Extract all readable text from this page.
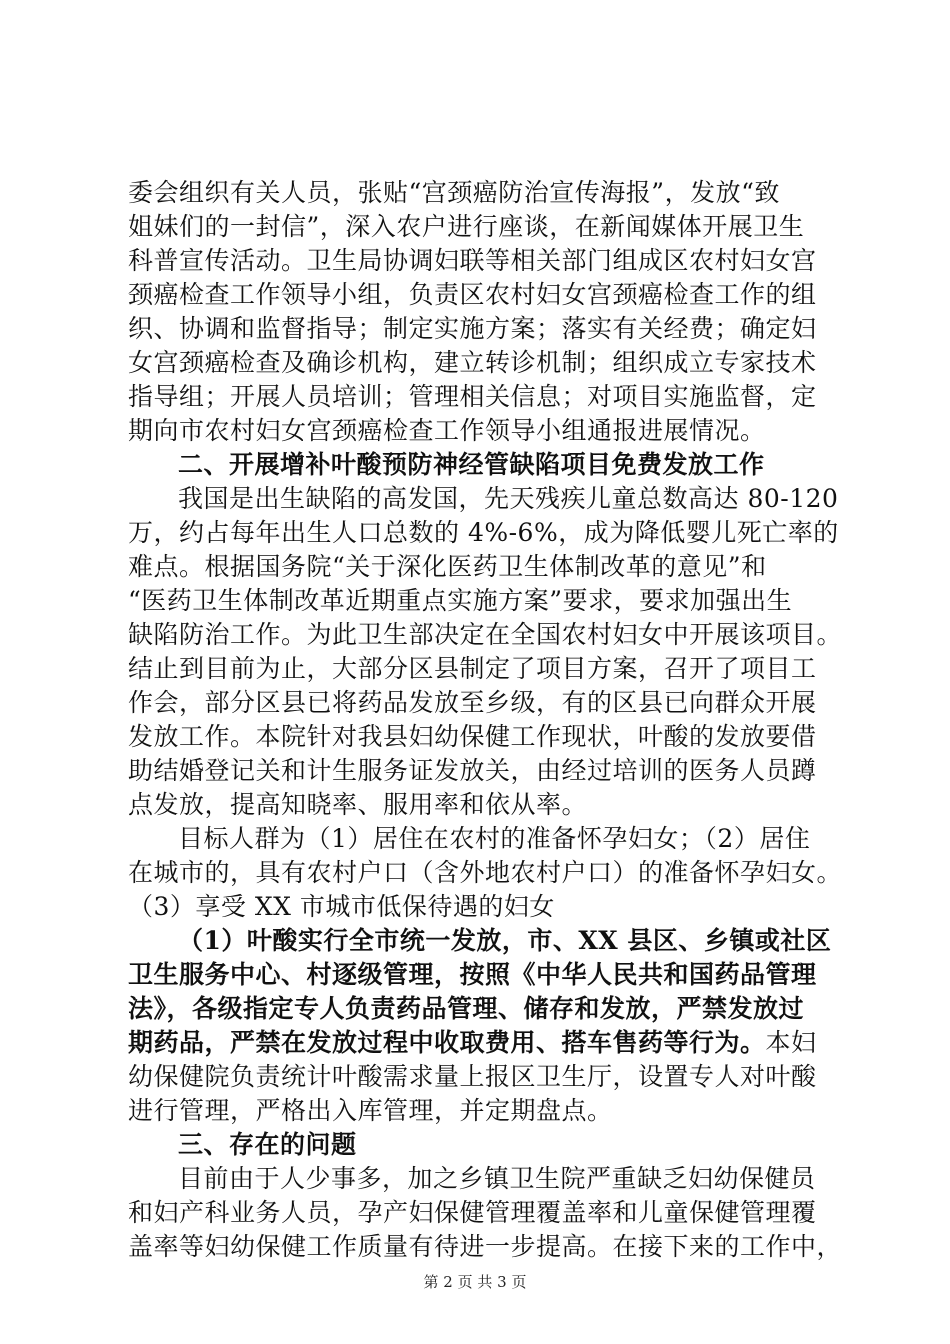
委会组织有关人员，张贴“宫颈癌防治宣传海报”，发放“致
姐妹们的一封信”，深入农户进行座谈，在新闻媒体开展卫生
科普宣传活动。卫生局协调妇联等相关部门组成区农村妇女宫
颈癌检查工作领导小组，负责区农村妇女宫颈癌检查工作的组
织、协调和监督指导；制定实施方案；落实有关经费；确定妇
女宫颈癌检查及确诊机构，建立转诊机制；组织成立专家技术
指导组；开展人员培训；管理相关信息；对项目实施监督，定
期向市农村妇女宫颈癌检查工作领导小组通报进展情况。
二、开展增补叶酸预防神经管缺陷项目免费发放工作
我国是出生缺陷的高发国，先天残疾儿童总数高达 80-120
万，约占每年出生人口总数的 4%-6%，成为降低婴儿死亡率的
难点。根据国务院“关于深化医药卫生体制改革的意见”和
“医药卫生体制改革近期重点实施方案”要求，要求加强出生
缺陷防治工作。为此卫生部决定在全国农村妇女中开展该项目。
结止到目前为止，大部分区县制定了项目方案，召开了项目工
作会，部分区县已将药品发放至乡级，有的区县已向群众开展
发放工作。本院针对我县妇幼保健工作现状，叶酸的发放要借
助结婚登记关和计生服务证发放关，由经过培训的医务人员蹲
点发放，提高知晓率、服用率和依从率。
目标人群为（1）居住在农村的准备怀孕妇女；（2）居住
在城市的，具有农村户口（含外地农村户口）的准备怀孕妇女。
（3）享受 XX 市城市低保待遇的妇女
（1）叶酸实行全市统一发放，市、XX 县区、乡镇或社区
卫生服务中心、村逐级管理，按照《中华人民共和国药品管理
法》，各级指定专人负责药品管理、储存和发放，严禁发放过
期药品，严禁在发放过程中收取费用、搭车售药等行为。本妇
幼保健院负责统计叶酸需求量上报区卫生厅，设置专人对叶酸
进行管理，严格出入库管理，并定期盘点。
三、存在的问题
目前由于人少事多，加之乡镇卫生院严重缺乏妇幼保健员
和妇产科业务人员，孕产妇保健管理覆盖率和儿童保健管理覆
盖率等妇幼保健工作质量有待进一步提高。在接下来的工作中，
第 2 页 共 3 页
